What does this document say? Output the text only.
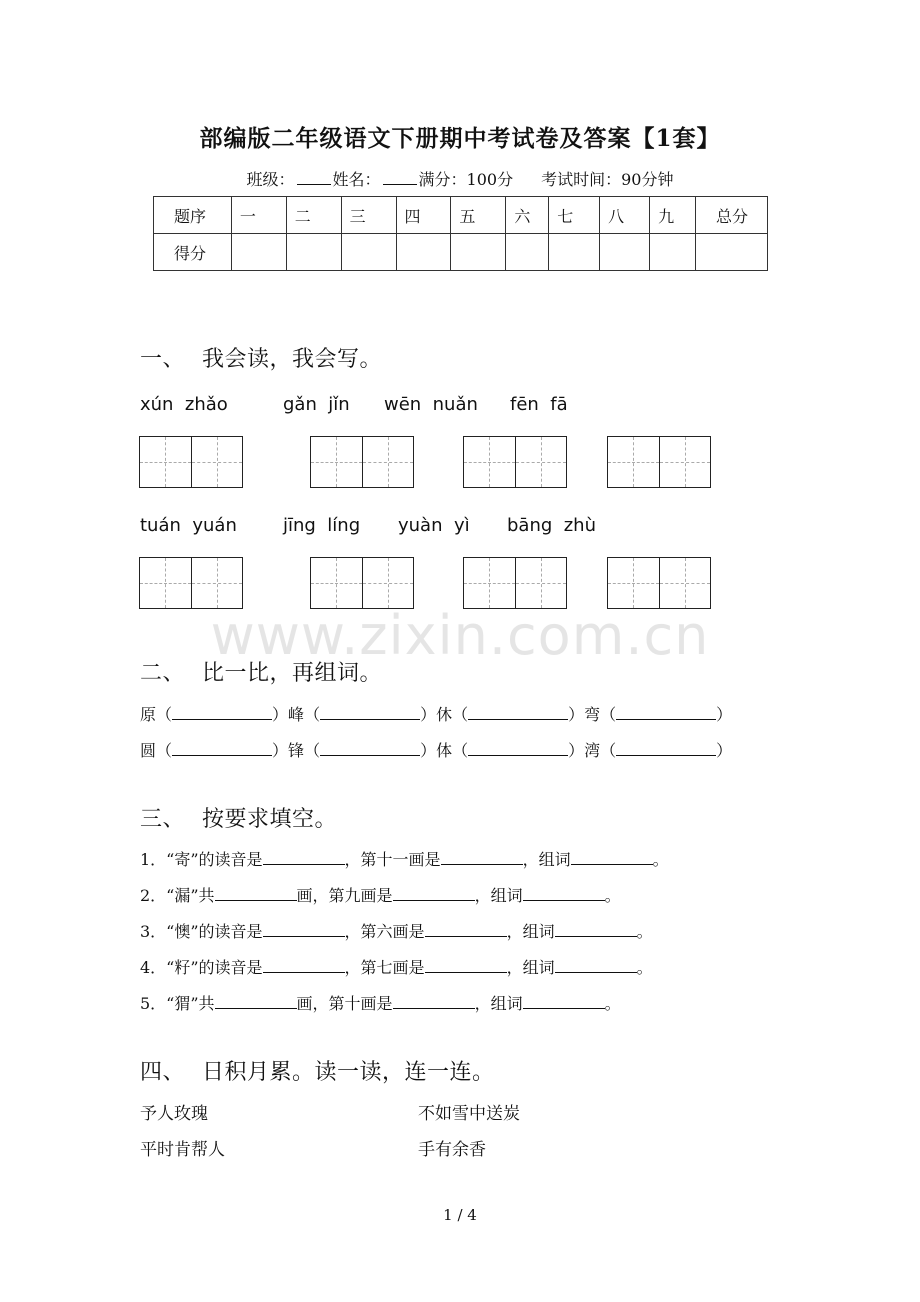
部编版二年级语文下册期中考试卷及答案【1套】
班级： 姓名： 满分：100分 考试时间：90分钟
题序	一	二	三	四	五	六	七	八	九	总分
得分										
一、 我会读，我会写。
xún  zhǎo	gǎn  jǐn wēn  nuǎn fēn  fā
tuán  yuán	jīng  líng yuàn  yì bāng  zhù
www.zixin.com.cn
二、 比一比，再组词。
原（	）峰（	）休（	）弯（	）
圆（	）锋（	）体（	）湾（	）
三、 按要求填空。
1．“寄”的读音是	，第十一画是	，组词	。
2．“漏”共	画，第九画是	，组词	。
3．“懊”的读音是	，第六画是	，组词	。
4．“籽”的读音是	，第七画是	，组词	。
5．“猬”共	画，第十画是	，组词	。
四、 日积月累。读一读，连一连。
予人玫瑰	不如雪中送炭
平时肯帮人	手有余香
1 / 4
